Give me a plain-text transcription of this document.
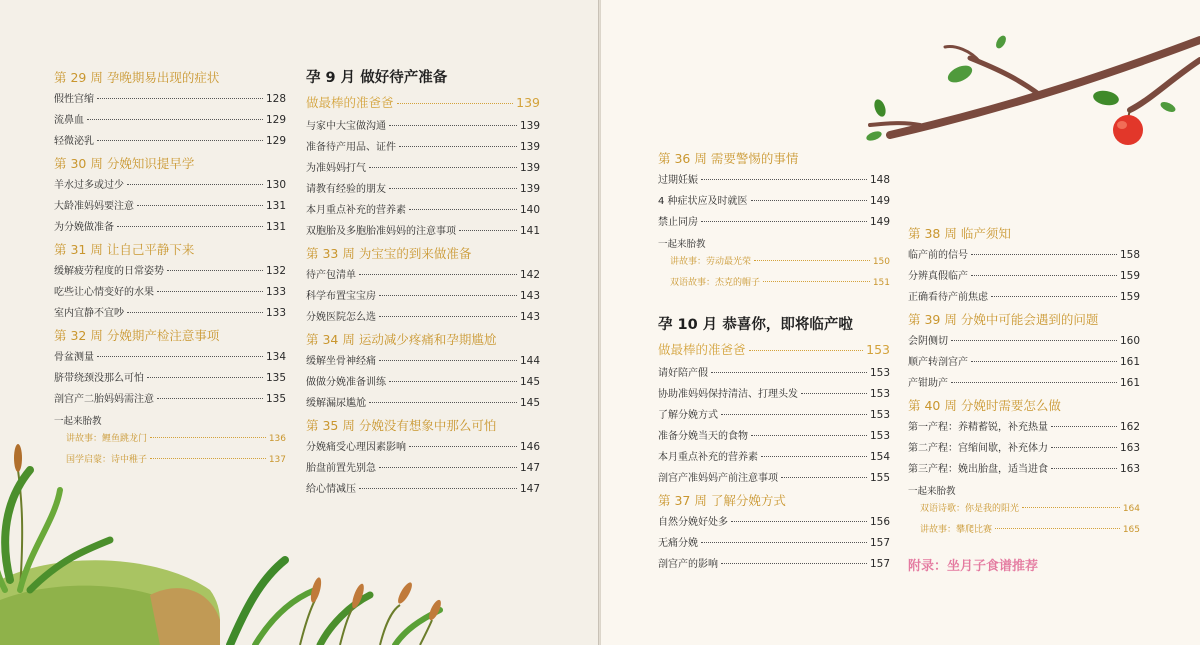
第 29 周 孕晚期易出现的症状
假性宫缩	128
流鼻血	129
轻微泌乳	129
第 30 周 分娩知识提早学
羊水过多或过少	130
大龄准妈妈要注意	131
为分娩做准备	131
第 31 周 让自己平静下来
缓解疲劳程度的日常姿势	132
吃些让心情变好的水果	133
室内宜静不宜吵	133
第 32 周 分娩期产检注意事项
骨盆测量	134
脐带绕颈没那么可怕	135
剖宫产二胎妈妈需注意	135
一起来胎教
讲故事：鲤鱼跳龙门	136
国学启蒙：诗中稚子	137
孕 9 月 做好待产准备
做最棒的准爸爸	139
与家中大宝做沟通	139
准备待产用品、证件	139
为准妈妈打气	139
请教有经验的朋友	139
本月重点补充的营养素	140
双胞胎及多胞胎准妈妈的注意事项	141
第 33 周 为宝宝的到来做准备
待产包清单	142
科学布置宝宝房	143
分娩医院怎么选	143
第 34 周 运动减少疼痛和孕期尴尬
缓解坐骨神经痛	144
做做分娩准备训练	145
缓解漏尿尴尬	145
第 35 周 分娩没有想象中那么可怕
分娩痛受心理因素影响	146
胎盘前置先别急	147
给心情减压	147
第 36 周 需要警惕的事情
过期妊娠	148
4 种症状应及时就医	149
禁止同房	149
一起来胎教
讲故事：劳动最光荣	150
双语故事：杰克的帽子	151
孕 10 月 恭喜你，即将临产啦
做最棒的准爸爸	153
请好陪产假	153
协助准妈妈保持清洁、打理头发	153
了解分娩方式	153
准备分娩当天的食物	153
本月重点补充的营养素	154
剖宫产准妈妈产前注意事项	155
第 37 周 了解分娩方式
自然分娩好处多	156
无痛分娩	157
剖宫产的影响	157
第 38 周 临产须知
临产前的信号	158
分辨真假临产	159
正确看待产前焦虑	159
第 39 周 分娩中可能会遇到的问题
会阴侧切	160
顺产转剖宫产	161
产钳助产	161
第 40 周 分娩时需要怎么做
第一产程：养精蓄锐，补充热量	162
第二产程：宫缩间歇，补充体力	163
第三产程：娩出胎盘，适当进食	163
一起来胎教
双语诗歌：你是我的阳光	164
讲故事：攀爬比赛	165
附录：坐月子食谱推荐
